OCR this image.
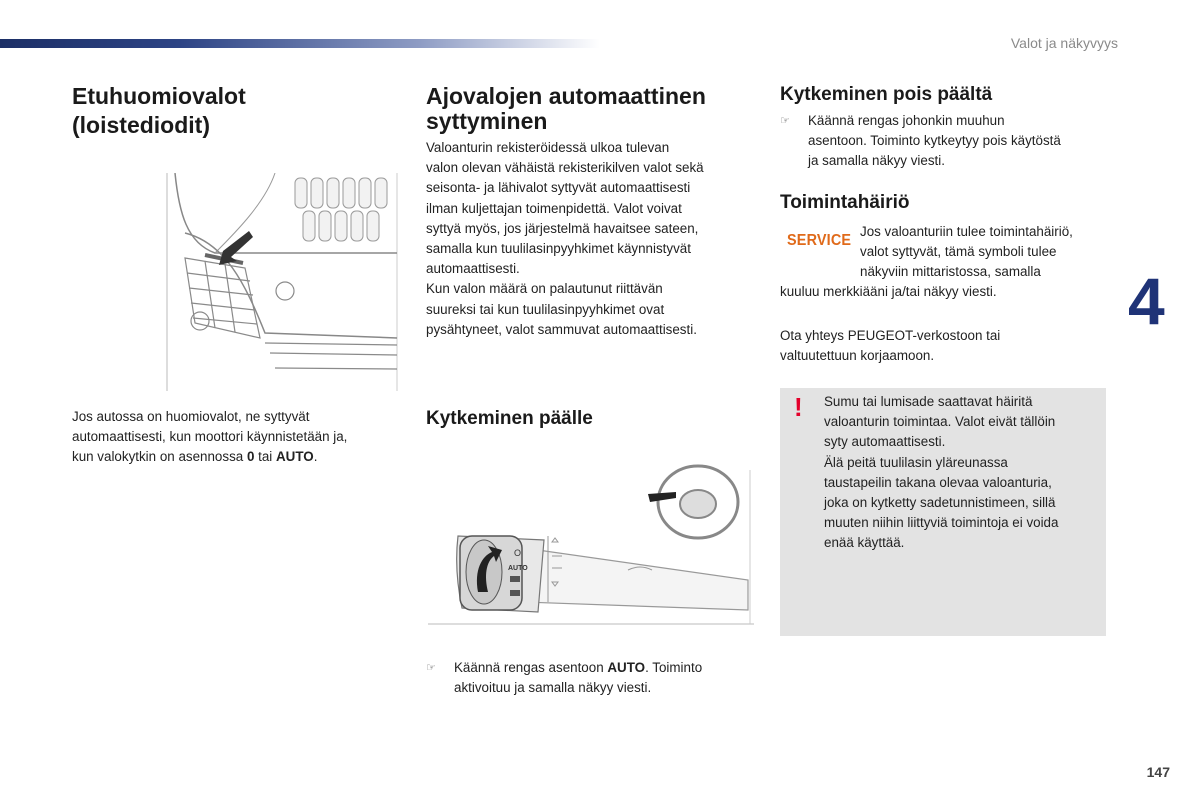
Valot ja näkyvyys
4
147
Etuhuomiovalot
(loistediodit)

Jos autossa on huomiovalot, ne syttyvät

automaattisesti, kun moottori käynnistetään ja,

kun valokytkin on asennossa 0 tai AUTO.

Ajovalojen automaattinen
syttyminen

Valoanturin rekisteröidessä ulkoa tulevan

valon olevan vähäistä rekisterikilven valot sekä

seisonta- ja lähivalot syttyvät automaattisesti

ilman kuljettajan toimenpidettä. Valot voivat

syttyä myös, jos järjestelmä havaitsee sateen,

samalla kun tuulilasinpyyhkimet käynnistyvät

automaattisesti.

Kun valon määrä on palautunut riittävän

suureksi tai kun tuulilasinpyyhkimet ovat

pysähtyneet, valot sammuvat automaattisesti.

Kytkeminen päälle
O
AUTO
☞	Käännä rengas asentoon AUTO. Toiminto

aktivoituu ja samalla näkyy viesti.

Kytkeminen pois päältä
☞	Käännä rengas johonkin muuhun

asentoon. Toiminto kytkeytyy pois käytöstä

ja samalla näkyy viesti.

Toimintahäiriö
SERVICE

Jos valoanturiin tulee toimintahäiriö,

valot syttyvät, tämä symboli tulee

näkyviin mittaristossa, samalla

kuuluu merkkiääni ja/tai näkyy viesti.

Ota yhteys PEUGEOT-verkostoon tai

valtuutettuun korjaamoon.

! Sumu tai lumisade saattavat häiritä

valoanturin toimintaa. Valot eivät tällöin

syty automaattisesti.

Älä peitä tuulilasin yläreunassa

taustapeilin takana olevaa valoanturia,

joka on kytketty sadetunnistimeen, sillä

muuten niihin liittyviä toimintoja ei voida

enää käyttää.
